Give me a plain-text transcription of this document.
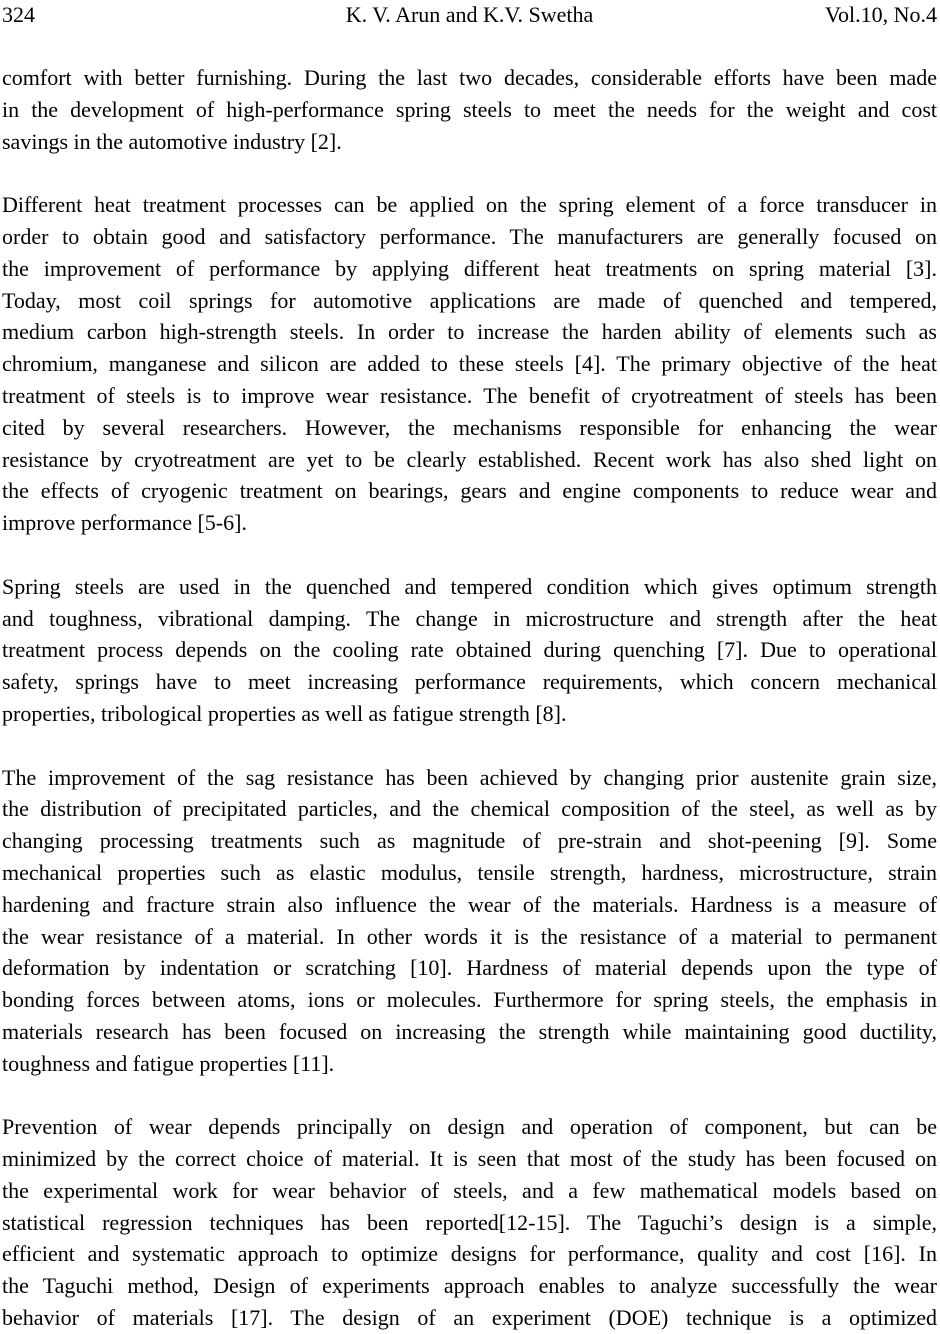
324	K. V. Arun and K.V. Swetha	Vol.10, No.4

comfort with better furnishing. During the last two decades, considerable efforts have been made
in the development of high-performance spring steels to meet the needs for the weight and cost
savings in the automotive industry [2].

Different heat treatment processes can be applied on the spring element of a force transducer in
order to obtain good and satisfactory performance. The manufacturers are generally focused on
the improvement of performance by applying different heat treatments on spring material [3].
Today, most coil springs for automotive applications are made of quenched and tempered,
medium carbon high-strength steels. In order to increase the harden ability of elements such as
chromium, manganese and silicon are added to these steels [4]. The primary objective of the heat
treatment of steels is to improve wear resistance. The benefit of cryotreatment of steels has been
cited by several researchers. However, the mechanisms responsible for enhancing the wear
resistance by cryotreatment are yet to be clearly established. Recent work has also shed light on
the effects of cryogenic treatment on bearings, gears and engine components to reduce wear and
improve performance [5-6].

Spring steels are used in the quenched and tempered condition which gives optimum strength
and toughness, vibrational damping. The change in microstructure and strength after the heat
treatment process depends on the cooling rate obtained during quenching [7]. Due to operational
safety, springs have to meet increasing performance requirements, which concern mechanical
properties, tribological properties as well as fatigue strength [8].

The improvement of the sag resistance has been achieved by changing prior austenite grain size,
the distribution of precipitated particles, and the chemical composition of the steel, as well as by
changing processing treatments such as magnitude of pre-strain and shot-peening [9]. Some
mechanical properties such as elastic modulus, tensile strength, hardness, microstructure, strain
hardening and fracture strain also influence the wear of the materials. Hardness is a measure of
the wear resistance of a material. In other words it is the resistance of a material to permanent
deformation by indentation or scratching [10]. Hardness of material depends upon the type of
bonding forces between atoms, ions or molecules. Furthermore for spring steels, the emphasis in
materials research has been focused on increasing the strength while maintaining good ductility,
toughness and fatigue properties [11].

Prevention of wear depends principally on design and operation of component, but can be
minimized by the correct choice of material. It is seen that most of the study has been focused on
the experimental work for wear behavior of steels, and a few mathematical models based on
statistical regression techniques has been reported[12-15]. The Taguchi’s design is a simple,
efficient and systematic approach to optimize designs for performance, quality and cost [16]. In
the Taguchi method, Design of experiments approach enables to analyze successfully the wear
behavior of materials [17]. The design of an experiment (DOE) technique is a optimized
